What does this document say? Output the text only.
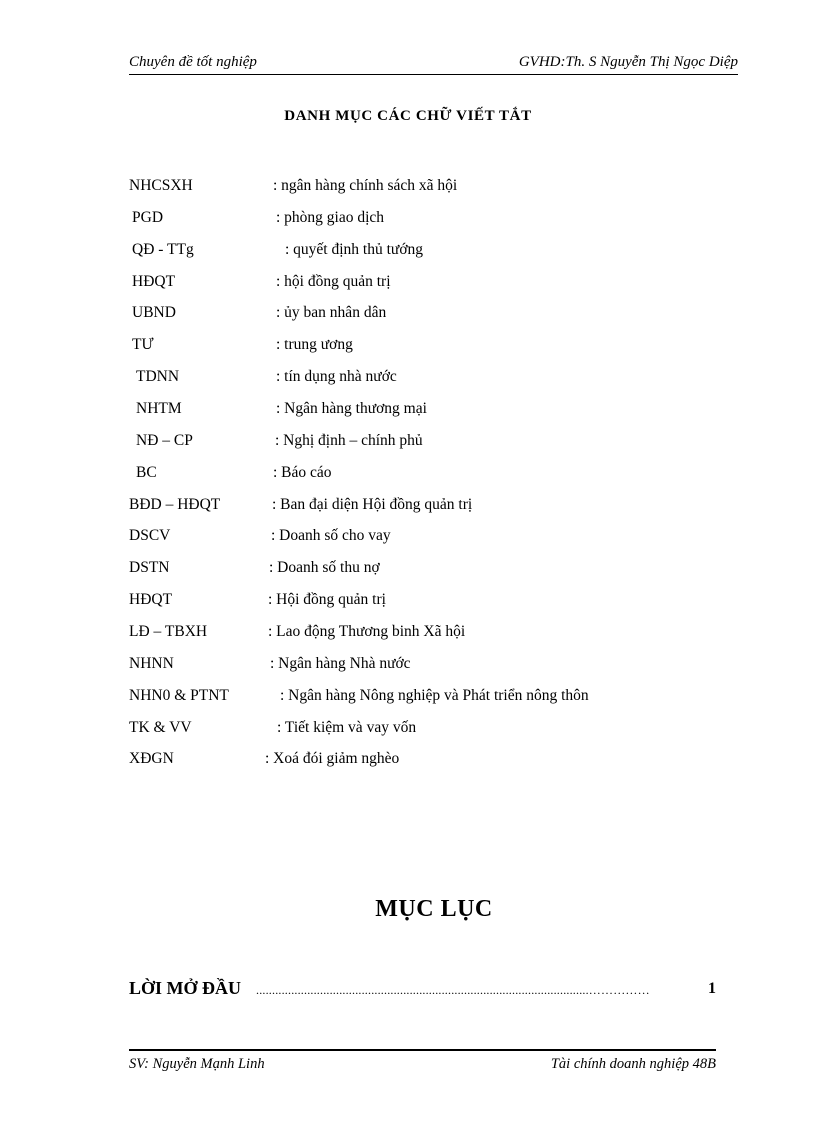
Chuyên đề tốt nghiệp	GVHD:Th. S Nguyễn Thị Ngọc Diệp
DANH MỤC CÁC CHỮ VIẾT TẮT
NHCSXH	: ngân hàng chính sách xã hội
PGD	: phòng giao dịch
QĐ - TTg	: quyết định thủ tướng
HĐQT	: hội đồng quản trị
UBND	: ủy ban nhân dân
TƯ	: trung ương
TDNN	: tín dụng nhà nước
NHTM	: Ngân hàng thương mại
NĐ – CP	: Nghị định – chính phủ
BC	: Báo cáo
BĐD – HĐQT	: Ban đại diện Hội đồng quản trị
DSCV	: Doanh số cho vay
DSTN	: Doanh số thu nợ
HĐQT	: Hội đồng quản trị
LĐ – TBXH	: Lao động Thương binh Xã hội
NHNN	: Ngân hàng Nhà nước
NHN0 & PTNT	: Ngân hàng Nông nghiệp và Phát triển nông thôn
TK & VV	: Tiết kiệm và vay vốn
XĐGN	: Xoá đói giảm nghèo
MỤC LỤC
LỜI MỞ ĐẦU ........................................................................................................……………	1
SV: Nguyễn Mạnh Linh	Tài chính doanh nghiệp 48B
